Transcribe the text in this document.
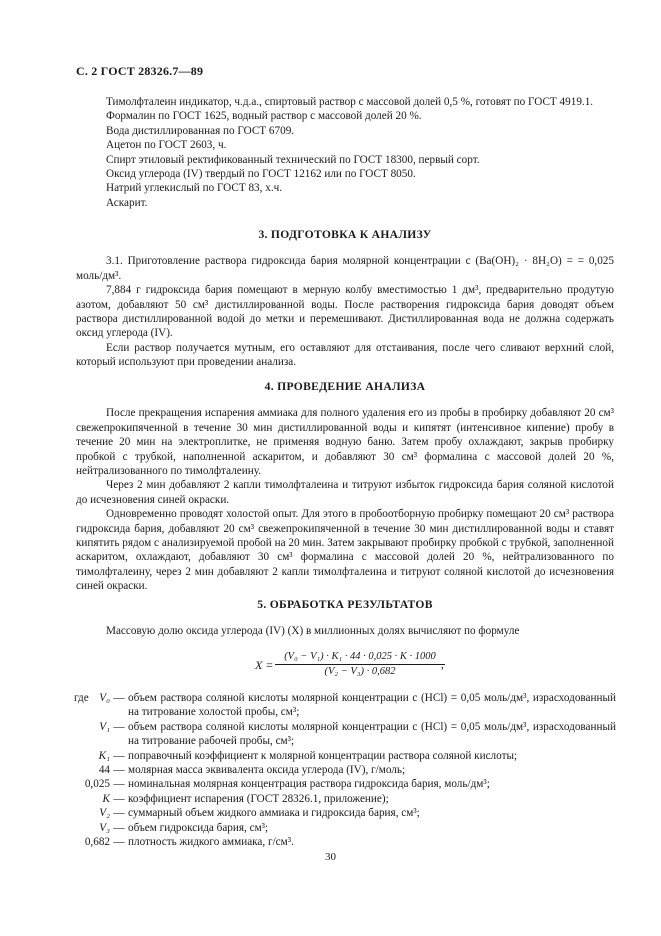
С. 2 ГОСТ 28326.7—89

Тимолфталеин индикатор, ч.д.а., спиртовый раствор с массовой долей 0,5 %, готовят по ГОСТ 4919.1.

Формалин по ГОСТ 1625, водный раствор с массовой долей 20 %.

Вода дистиллированная по ГОСТ 6709.

Ацетон по ГОСТ 2603, ч.

Спирт этиловый ректификованный технический по ГОСТ 18300, первый сорт.

Оксид углерода (IV) твердый по ГОСТ 12162 или по ГОСТ 8050.

Натрий углекислый по ГОСТ 83, х.ч.

Аскарит.

3. ПОДГОТОВКА К АНАЛИЗУ

3.1. Приготовление раствора гидроксида бария молярной концентрации c (Ba(OH)₂ · 8H₂O) = = 0,025 моль/дм³.

7,884 г гидроксида бария помещают в мерную колбу вместимостью 1 дм³, предварительно продутую азотом, добавляют 50 см³ дистиллированной воды. После растворения гидроксида бария доводят объем раствора дистиллированной водой до метки и перемешивают. Дистиллированная вода не должна содержать оксид углерода (IV).

Если раствор получается мутным, его оставляют для отстаивания, после чего сливают верхний слой, который используют при проведении анализа.

4. ПРОВЕДЕНИЕ АНАЛИЗА

После прекращения испарения аммиака для полного удаления его из пробы в пробирку добавляют 20 см³ свежепрокипяченной в течение 30 мин дистиллированной воды и кипятят (интенсивное кипение) пробу в течение 20 мин на электроплитке, не применяя водную баню. Затем пробу охлаждают, закрыв пробирку пробкой с трубкой, наполненной аскаритом, и добавляют 30 см³ формалина с массовой долей 20 %, нейтрализованного по тимолфталеину.

Через 2 мин добавляют 2 капли тимолфталеина и титруют избыток гидроксида бария соляной кислотой до исчезновения синей окраски.

Одновременно проводят холостой опыт. Для этого в пробоотборную пробирку помещают 20 см³ раствора гидроксида бария, добавляют 20 см³ свежепрокипяченной в течение 30 мин дистиллированной воды и ставят кипятить рядом с анализируемой пробой на 20 мин. Затем закрывают пробирку пробкой с трубкой, заполненной аскаритом, охлаждают, добавляют 30 см³ формалина с массовой долей 20 %, нейтрализованного по тимолфталеину, через 2 мин добавляют 2 капли тимолфталеина и титруют соляной кислотой до исчезновения синей окраски.

5. ОБРАБОТКА РЕЗУЛЬТАТОВ

Массовую долю оксида углерода (IV) (X) в миллионных долях вычисляют по формуле

$X = \frac{\text{(V₀ − V₁) · K₁ · 44 · 0,025 · K · 1000}}{\text{(V₂ − V₃) · 0,682}}$
,
где V₀ — объем раствора соляной кислоты молярной концентрации c (HCl) = 0,05 моль/дм³, израсходованный на титрование холостой пробы, см³;
V₁ — объем раствора соляной кислоты молярной концентрации c (HCl) = 0,05 моль/дм³, израсходованный на титрование рабочей пробы, см³;
K₁ — поправочный коэффициент к молярной концентрации раствора соляной кислоты;
44 — молярная масса эквивалента оксида углерода (IV), г/моль;
0,025 — номинальная молярная концентрация раствора гидроксида бария, моль/дм³;
K — коэффициент испарения (ГОСТ 28326.1, приложение);
V₂ — суммарный объем жидкого аммиака и гидроксида бария, см³;
V₃ — объем гидроксида бария, см³;
0,682 — плотность жидкого аммиака, г/см³.
30
